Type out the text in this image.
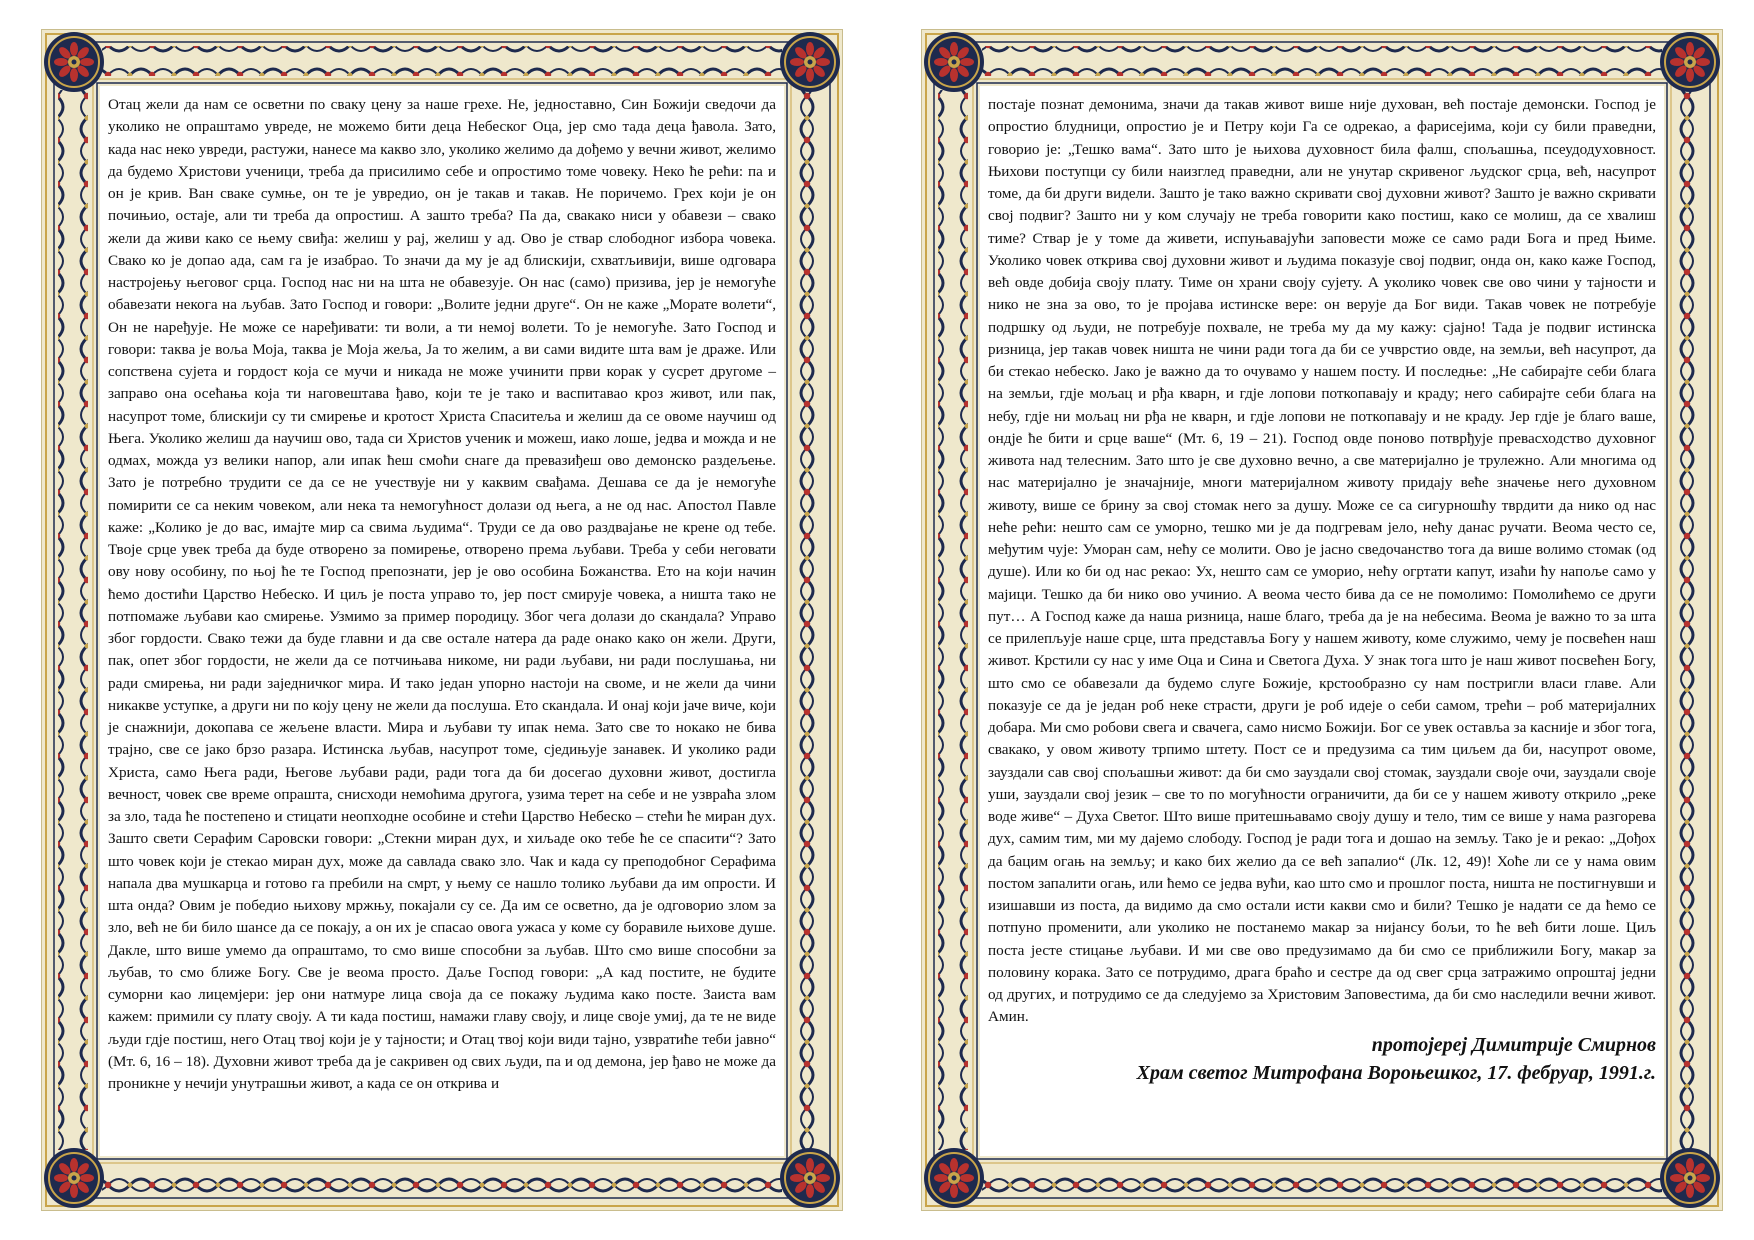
Отац жели да нам се осветни по сваку цену за наше грехе. Не, једноставно, Син Божији сведочи да уколико не опраштамо увреде, не можемо бити деца Небеског Оца, јер смо тада деца ђавола. Зато, када нас неко увреди, растужи, нанесе ма какво зло, уколико желимо да дођемо у вечни живот, желимо да будемо Христови ученици, треба да присилимо себе и опростимо томе човеку. Неко ће рећи: па и он је крив. Ван сваке сумње, он те је увредио, он је такав и такав. Не поричемо. Грех који је он почињио, остаје, али ти треба да опростиш. А зашто треба? Па да, свакако ниси у обавези – свако жели да живи како се њему свиђа: желиш у рај, желиш у ад. Ово је ствар слободног избора човека. Свако ко је допао ада, сам га је изабрао. То значи да му је ад блискији, схватљивији, више одговара настројењу његовог срца. Господ нас ни на шта не обавезује. Он нас (само) призива, јер је немогуће обавезати некога на љубав. Зато Господ и говори: „Волите једни друге“. Он не каже „Морате волети“, Он не наређује. Не може се наређивати: ти воли, а ти немој волети. То је немогуће. Зато Господ и говори: таква је воља Моја, таква је Моја жеља, Ја то желим, а ви сами видите шта вам је драже. Или сопствена сујета и гордост која се мучи и никада не може учинити први корак у сусрет другоме – заправо она осећања која ти наговештава ђаво, који те је тако и васпитавао кроз живот, или пак, насупрот томе, блискији су ти смирење и кротост Христа Спаситеља и желиш да се овоме научиш од Њега. Уколико желиш да научиш ово, тада си Христов ученик и можеш, иако лоше, једва и можда и не одмах, можда уз велики напор, али ипак ћеш смоћи снаге да превазиђеш ово демонско раздељење. Зато је потребно трудити се да се не учествује ни у каквим свађама. Дешава се да је немогуће помирити се са неким човеком, али нека та немогућност долази од њега, а не од нас. Апостол Павле каже: „Колико је до вас, имајте мир са свима људима“. Труди се да ово раздвајање не крене од тебе. Твоје срце увек треба да буде отворено за помирење, отворено према љубави. Треба у себи неговати ову нову особину, по њој ће те Господ препознати, јер је ово особина Божанства. Ето на који начин ћемо достићи Царство Небеско. И циљ је поста управо то, јер пост смирује човека, а ништа тако не потпомаже љубави као смирење. Узмимо за пример породицу. Због чега долази до скандала? Управо због гордости. Свако тежи да буде главни и да све остале натера да раде онако како он жели. Други, пак, опет због гордости, не жели да се потчињава никоме, ни ради љубави, ни ради послушања, ни ради смирења, ни ради заједничког мира. И тако један упорно настоји на своме, и не жели да чини никакве уступке, а други ни по коју цену не жели да послуша. Ето скандала. И онај који јаче виче, који је снажнији, докопава се жељене власти. Мира и љубави ту ипак нема. Зато све то нокако не бива трајно, све се јако брзо разара. Истинска љубав, насупрот томе, сједињује занавек. И уколико ради Христа, само Њега ради, Његове љубави ради, ради тога да би досегао духовни живот, достигла вечност, човек све време опрашта, снисходи немоћима другога, узима терет на себе и не узвраћа злом за зло, тада ће постепено и стицати неопходне особине и стећи Царство Небеско – стећи ће миран дух. Зашто свети Серафим Саровски говори: „Стекни миран дух, и хиљаде око тебе ће се спасити“? Зато што човек који је стекао миран дух, може да савлада свако зло. Чак и када су преподобног Серафима напала два мушкарца и готово га пребили на смрт, у њему се нашло толико љубави да им опрости. И шта онда? Овим је победио њихову мржњу, покајали су се. Да им се осветно, да је одговорио злом за зло, већ не би било шансе да се покају, а он их је спасао овога ужаса у коме су боравиле њихове душе. Дакле, што више умемо да опраштамо, то смо више способни за љубав. Што смо више способни за љубав, то смо ближе Богу. Све је веома просто. Даље Господ говори: „А кад постите, не будите суморни као лицемјери: јер они натмуре лица своја да се покажу људима како посте. Заиста вам кажем: примили су плату своју. А ти када постиш, намажи главу своју, и лице своје умиј, да те не виде људи гдје постиш, него Отац твој који је у тајности; и Отац твој који види тајно, узвратиће теби јавно“ (Мт. 6, 16 – 18). Духовни живот треба да је сакривен од свих људи, па и од демона, јер ђаво не може да проникне у нечији унутрашњи живот, а када се он открива и

постаје познат демонима, значи да такав живот више није духован, већ постаје демонски. Господ је опростио блудници, опростио је и Петру који Га се одрекао, а фарисејима, који су били праведни, говорио је: „Тешко вама“. Зато што је њихова духовност била фалш, спољашња, псеудодуховност. Њихови поступци су били наизглед праведни, али не унутар скривеног људског срца, већ, насупрот томе, да би други видели. Зашто је тако важно скривати свој духовни живот? Зашто је важно скривати свој подвиг? Зашто ни у ком случају не треба говорити како постиш, како се молиш, да се хвалиш тиме? Ствар је у томе да живети, испуњавајући заповести може се само ради Бога и пред Њиме. Уколико човек открива свој духовни живот и људима показује свој подвиг, онда он, како каже Господ, већ овде добија своју плату. Тиме он храни своју сујету. А уколико човек све ово чини у тајности и нико не зна за ово, то је пројава истинске вере: он верује да Бог види. Такав човек не потребује подршку од људи, не потребује похвале, не треба му да му кажу: сјајно! Тада је подвиг истинска ризница, јер такав човек ништа не чини ради тога да би се учврстио овде, на земљи, већ насупрот, да би стекао небеско. Јако је важно да то очувамо у нашем посту. И последње: „Не сабирајте себи блага на земљи, гдје мољац и рђа кварн, и гдје лопови поткопавају и краду; него сабирајте себи блага на небу, гдје ни мољац ни рђа не кварн, и гдје лопови не поткопавају и не краду. Јер гдје је благо ваше, ондје ће бити и срце ваше“ (Мт. 6, 19 – 21). Господ овде поново потврђује превасходство духовног живота над телесним. Зато што је све духовно вечно, а све материјално је трулежно. Али многима од нас материјално је значајније, многи материјалном животу придају веће значење него духовном животу, више се брину за свој стомак него за душу. Може се са сигурношћу тврдити да нико од нас неће рећи: нешто сам се уморно, тешко ми је да подгревам јело, нећу данас ручати. Веома често се, међутим чује: Уморан сам, нећу се молити. Ово је јасно сведочанство тога да више волимо стомак (од душе). Или ко би од нас рекао: Ух, нешто сам се уморио, нећу огртати капут, изаћи ћу напоље само у мајици. Тешко да би нико ово учинио. А веома често бива да се не помолимо: Помолићемо се други пут… А Господ каже да наша ризница, наше благо, треба да је на небесима. Веома је важно то за шта се прилепљује наше срце, шта представља Богу у нашем животу, коме служимо, чему је посвећен наш живот. Крстили су нас у име Оца и Сина и Светога Духа. У знак тога што је наш живот посвећен Богу, што смо се обавезали да будемо слуге Божије, крстообразно су нам постригли власи главе. Али показује се да је један роб неке страсти, други је роб идеје о себи самом, трећи – роб материјалних добара. Ми смо робови свега и свачега, само нисмо Божији. Бог се увек оставља за касније и због тога, свакако, у овом животу трпимо штету. Пост се и предузима са тим циљем да би, насупрот овоме, зауздали сав свој спољашњи живот: да би смо зауздали свој стомак, зауздали своје очи, зауздали своје уши, зауздали свој језик – све то по могућности ограничити, да би се у нашем животу открило „реке воде живе“ – Духа Светог. Што више притешњавамо своју душу и тело, тим се више у нама разгорева дух, самим тим, ми му дајемо слободу. Господ је ради тога и дошао на земљу. Тако је и рекао: „Дођох да бацим огањ на земљу; и како бих желио да се већ запалио“ (Лк. 12, 49)! Хоће ли се у нама овим постом запалити огањ, или ћемо се једва вући, као што смо и прошлог поста, ништа не постигнувши и изишавши из поста, да видимо да смо остали исти какви смо и били? Тешко је надати се да ћемо се потпуно променити, али уколико не постанемо макар за нијансу бољи, то ће већ бити лоше. Циљ поста јесте стицање љубави. И ми све ово предузимамо да би смо се приближили Богу, макар за половину корака. Зато се потрудимо, драга браћо и сестре да од свег срца затражимо опроштај једни од других, и потрудимо се да следујемо за Христовим Заповестима, да би смо наследили вечни живот. Амин.

протојереј Димитрије Смирнов

Храм светог Митрофана Вороњешког, 17. фебруар, 1991.г.
